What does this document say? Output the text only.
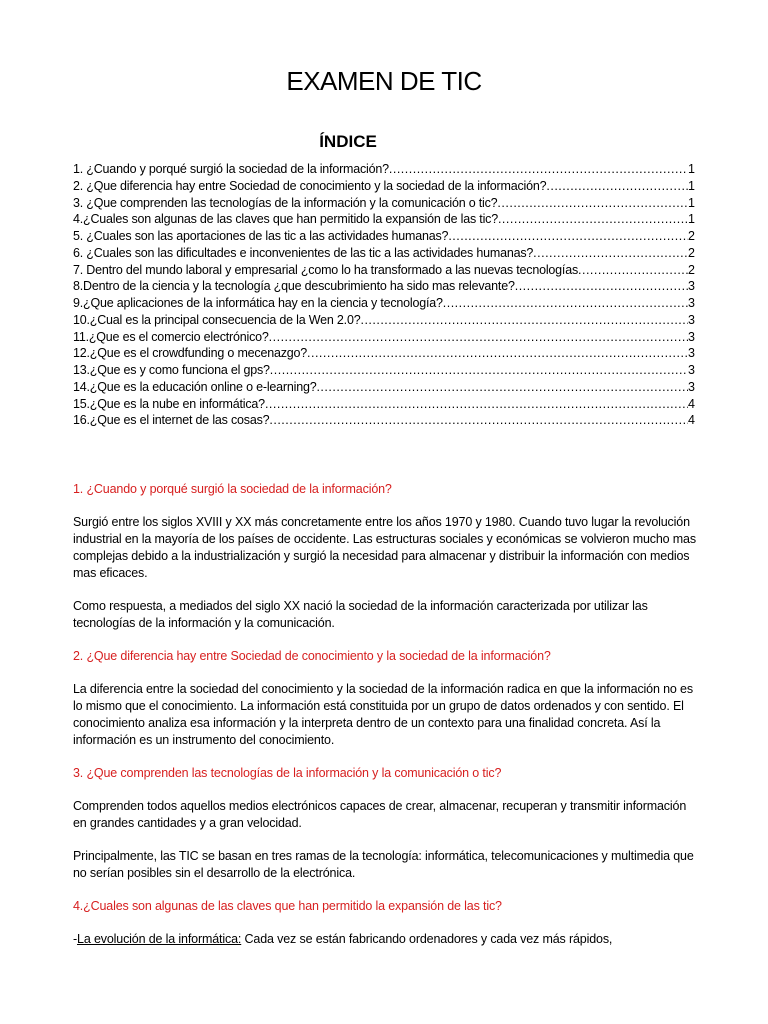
EXAMEN DE TIC
ÍNDICE
1. ¿Cuando y porqué surgió la sociedad de la información? .....	1
2. ¿Que diferencia hay entre Sociedad de conocimiento y la sociedad de la información? .....	1
3. ¿Que comprenden las tecnologías de la información y la comunicación o tic? .....	1
4.¿Cuales son algunas de las claves que han permitido la expansión de las tic? .....	1
5. ¿Cuales son las aportaciones de las tic a las actividades humanas? .....	2
6. ¿Cuales son las dificultades e inconvenientes de las tic a las actividades humanas? .....	2
7. Dentro del mundo laboral y empresarial ¿como lo ha transformado a las nuevas tecnologías .....	2
8.Dentro de la ciencia y la tecnología ¿que descubrimiento ha sido mas relevante? .....	3
9.¿Que aplicaciones de la informática hay en la ciencia y tecnología? .....	3
10.¿Cual es la principal consecuencia de la Wen 2.0? .....	3
11.¿Que es el comercio electrónico? .....	3
12.¿Que es el crowdfunding o mecenazgo? .....	3
13.¿Que es y como funciona el gps? .....	3
14.¿Que es la educación online o e-learning? .....	3
15.¿Que es la nube en informática? .....	4
16.¿Que es el internet de las cosas? .....	4
1. ¿Cuando y porqué surgió la sociedad de la información?

Surgió entre los siglos XVIII y XX más concretamente entre los años 1970 y 1980. Cuando tuvo lugar la revolución industrial en la mayoría de los países de occidente. Las estructuras sociales y económicas se volvieron mucho mas complejas debido a la industrialización y surgió la necesidad para almacenar y distribuir la información con medios mas eficaces.

Como respuesta, a mediados del siglo XX nació la sociedad de la información caracterizada por utilizar las tecnologías de la información y la comunicación.

2. ¿Que diferencia hay entre Sociedad de conocimiento y la sociedad de la información?

La diferencia entre la sociedad del conocimiento y la sociedad de la información radica en que la información no es lo mismo que el conocimiento. La información está constituida por un grupo de datos ordenados y con sentido. El conocimiento analiza esa información y la interpreta dentro de un contexto para una finalidad concreta. Así la información es un instrumento del conocimiento.

3. ¿Que comprenden las tecnologías de la información y la comunicación o tic?

Comprenden todos aquellos medios electrónicos capaces de crear, almacenar, recuperan y transmitir información en grandes cantidades y a gran velocidad.

Principalmente, las TIC se basan en tres ramas de la tecnología: informática, telecomunicaciones y multimedia que no serían posibles sin el desarrollo de la electrónica.

4.¿Cuales son algunas de las claves que han permitido la expansión de las tic?

-La evolución de la informática: Cada vez se están fabricando ordenadores y cada vez más rápidos,
